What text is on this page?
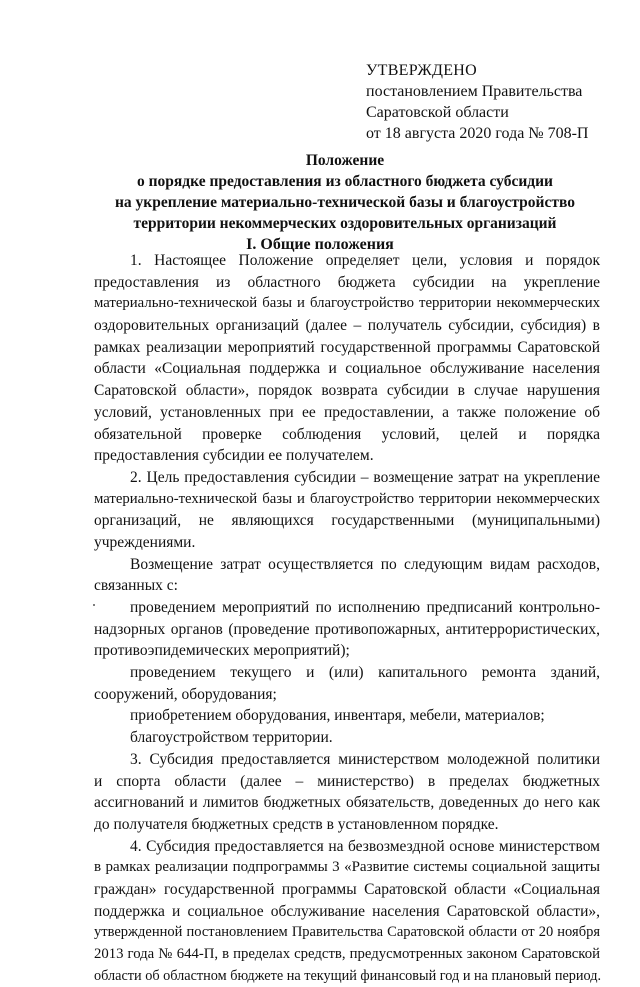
УТВЕРЖДЕНО
постановлением Правительства
Саратовской области
от 18 августа 2020 года № 708-П
Положение
о порядке предоставления из областного бюджета субсидии
на укрепление материально-технической базы и благоустройство
территории некоммерческих оздоровительных организаций
I. Общие положения
1. Настоящее Положение определяет цели, условия и порядок
предоставления из областного бюджета субсидии на укрепление
материально-технической базы и благоустройство территории некоммерческих
оздоровительных организаций (далее – получатель субсидии, субсидия) в
рамках реализации мероприятий государственной программы Саратовской
области «Социальная поддержка и социальное обслуживание населения
Саратовской области», порядок возврата субсидии в случае нарушения
условий, установленных при ее предоставлении, а также положение об
обязательной проверке соблюдения условий, целей и порядка
предоставления субсидии ее получателем.
2. Цель предоставления субсидии – возмещение затрат на укрепление
материально-технической базы и благоустройство территории некоммерческих
организаций, не являющихся государственными (муниципальными)
учреждениями.
Возмещение затрат осуществляется по следующим видам расходов,
связанных с:
проведением мероприятий по исполнению предписаний контрольно-
надзорных органов (проведение противопожарных, антитеррористических,
противоэпидемических мероприятий);
проведением текущего и (или) капитального ремонта зданий,
сооружений, оборудования;
приобретением оборудования, инвентаря, мебели, материалов;
благоустройством территории.
3. Субсидия предоставляется министерством молодежной политики
и спорта области (далее – министерство) в пределах бюджетных
ассигнований и лимитов бюджетных обязательств, доведенных до него как
до получателя бюджетных средств в установленном порядке.
4. Субсидия предоставляется на безвозмездной основе министерством
в рамках реализации подпрограммы 3 «Развитие системы социальной защиты
граждан» государственной программы Саратовской области «Социальная
поддержка и социальное обслуживание населения Саратовской области»,
утвержденной постановлением Правительства Саратовской области от 20 ноября
2013 года № 644-П, в пределах средств, предусмотренных законом Саратовской
области об областном бюджете на текущий финансовый год и на плановый период.
